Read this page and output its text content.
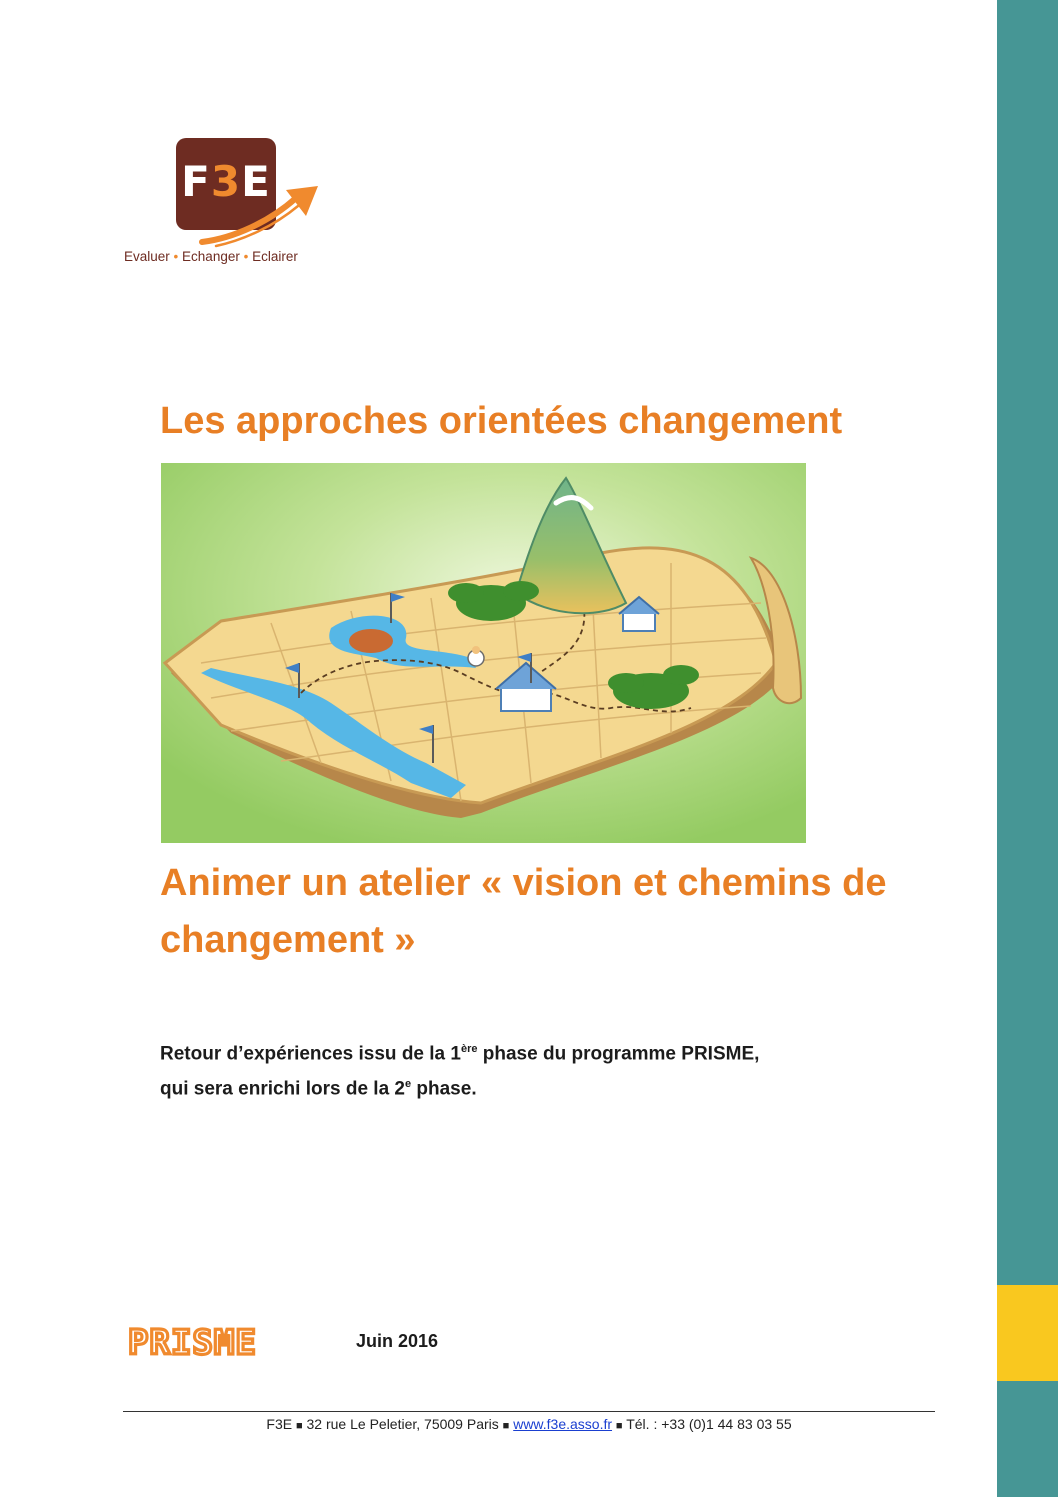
F3E
Evaluer • Echanger • Eclairer
Les approches orientées changement
Animer un atelier « vision et chemins de changement »

Retour d’expériences issu de la 1ère phase du programme PRISME,

qui sera enrichi lors de la 2e phase.

PRISME	Juin 2016
F3E ■ 32 rue Le Peletier, 75009 Paris ■ www.f3e.asso.fr ■ Tél. : +33 (0)1 44 83 03 55
